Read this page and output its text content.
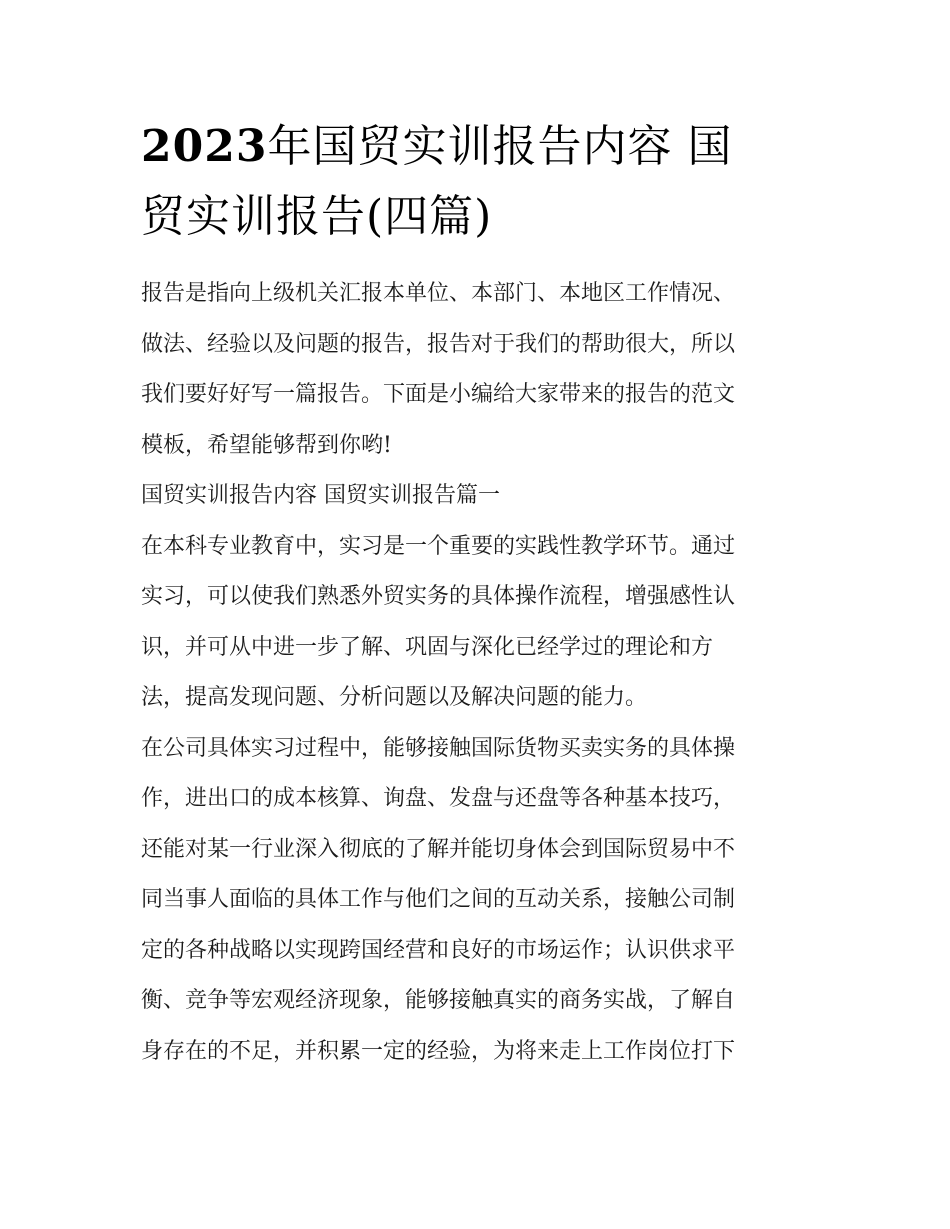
2023年国贸实训报告内容 国
贸实训报告(四篇)
报告是指向上级机关汇报本单位、本部门、本地区工作情况、
做法、经验以及问题的报告，报告对于我们的帮助很大，所以
我们要好好写一篇报告。下面是小编给大家带来的报告的范文
模板，希望能够帮到你哟!
国贸实训报告内容 国贸实训报告篇一
在本科专业教育中，实习是一个重要的实践性教学环节。通过
实习，可以使我们熟悉外贸实务的具体操作流程，增强感性认
识，并可从中进一步了解、巩固与深化已经学过的理论和方
法，提高发现问题、分析问题以及解决问题的能力。
在公司具体实习过程中，能够接触国际货物买卖实务的具体操
作，进出口的成本核算、询盘、发盘与还盘等各种基本技巧，
还能对某一行业深入彻底的了解并能切身体会到国际贸易中不
同当事人面临的具体工作与他们之间的互动关系，接触公司制
定的各种战略以实现跨国经营和良好的市场运作；认识供求平
衡、竞争等宏观经济现象，能够接触真实的商务实战，了解自
身存在的不足，并积累一定的经验，为将来走上工作岗位打下
